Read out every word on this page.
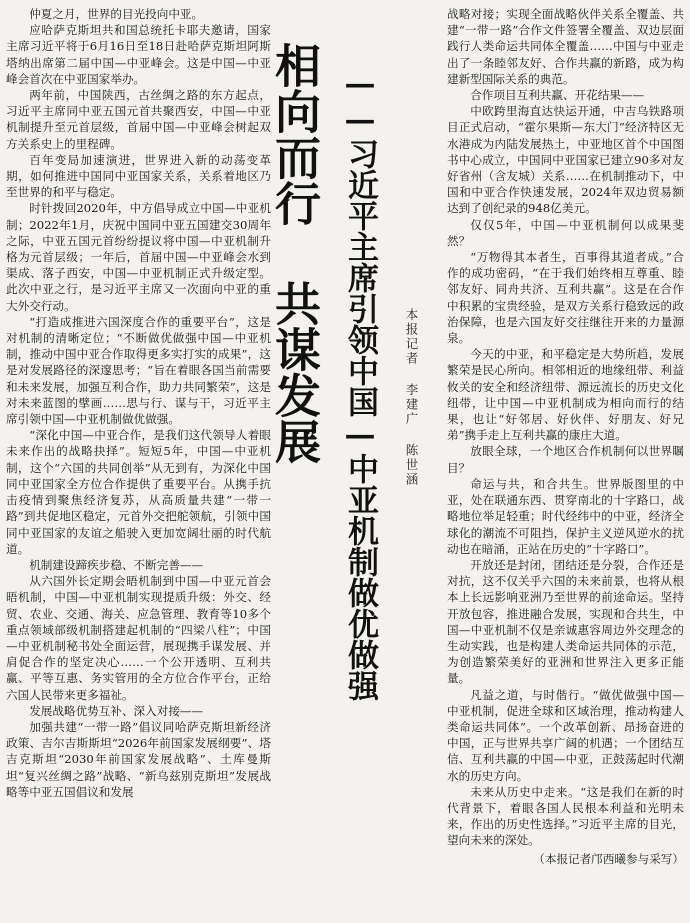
仲夏之月，世界的目光投向中亚。

应哈萨克斯坦共和国总统托卡耶夫邀请，国家主席习近平将于6月16日至18日赴哈萨克斯坦阿斯塔纳出席第二届中国—中亚峰会。这是中国—中亚峰会首次在中亚国家举办。

两年前，中国陕西，古丝绸之路的东方起点，习近平主席同中亚五国元首共聚西安，中国—中亚机制提升至元首层级，首届中国—中亚峰会树起双方关系史上的里程碑。

百年变局加速演进，世界进入新的动荡变革期，如何推进中国同中亚国家关系，关系着地区乃至世界的和平与稳定。

时针拨回2020年，中方倡导成立中国—中亚机制；2022年1月，庆祝中国同中亚五国建交30周年之际，中亚五国元首纷纷提议将中国—中亚机制升格为元首层级；一年后，首届中国—中亚峰会水到渠成、落子西安，中国—中亚机制正式升级定型。此次中亚之行，是习近平主席又一次面向中亚的重大外交行动。

“打造成推进六国深度合作的重要平台”，这是对机制的清晰定位；“不断做优做强中国—中亚机制，推动中国中亚合作取得更多实打实的成果”，这是对发展路径的深邃思考；“旨在着眼各国当前需要和未来发展，加强互利合作，助力共同繁荣”，这是对未来蓝图的擘画……思与行、谋与干，习近平主席引领中国—中亚机制做优做强。

“深化中国—中亚合作，是我们这代领导人着眼未来作出的战略抉择”。短短5年，中国—中亚机制，这个“六国的共同创举”从无到有，为深化中国同中亚国家全方位合作提供了重要平台。从携手抗击疫情到聚焦经济复苏，从高质量共建“一带一路”到共促地区稳定，元首外交把舵领航，引领中国同中亚国家的友谊之船驶入更加宽阔壮丽的时代航道。

机制建设蹄疾步稳、不断完善——

从六国外长定期会晤机制到中国—中亚元首会晤机制，中国—中亚机制实现提质升级：外交、经贸、农业、交通、海关、应急管理、教育等10多个重点领域部级机制搭建起机制的“四梁八柱”；中国—中亚机制秘书处全面运营，展现携手谋发展、并肩促合作的坚定决心……一个公开透明、互利共赢、平等互惠、务实管用的全方位合作平台，正给六国人民带来更多福祉。

发展战略优势互补、深入对接——

加强共建“一带一路”倡议同哈萨克斯坦新经济政策、吉尔吉斯斯坦“2026年前国家发展纲要”、塔吉克斯坦“2030年前国家发展战略”、土库曼斯坦“复兴丝绸之路”战略、“新乌兹别克斯坦”发展战略等中亚五国倡议和发展

相向而行 共谋发展 ——习近平主席引领中国—中亚机制做优做强	本报记者 李建广 陈世涵

战略对接；实现全面战略伙伴关系全覆盖、共建“一带一路”合作文件签署全覆盖、双边层面践行人类命运共同体全覆盖……中国与中亚走出了一条睦邻友好、合作共赢的新路，成为构建新型国际关系的典范。

合作项目互利共赢、开花结果——

中欧跨里海直达快运开通，中吉乌铁路项目正式启动，“霍尔果斯—东大门”经济特区无水港成为内陆发展热土，中亚地区首个中国图书中心成立，中国同中亚国家已建立90多对友好省州（含友城）关系……在机制推动下，中国和中亚合作快速发展，2024年双边贸易额达到了创纪录的948亿美元。

仅仅5年，中国—中亚机制何以成果斐然？

“万物得其本者生，百事得其道者成。”合作的成功密码，“在于我们始终相互尊重、睦邻友好、同舟共济、互利共赢”。这是在合作中积累的宝贵经验，是双方关系行稳致远的政治保障，也是六国友好交往继往开来的力量源泉。

今天的中亚，和平稳定是大势所趋，发展繁荣是民心所向。相邻相近的地缘纽带、利益攸关的安全和经济纽带、源远流长的历史文化纽带，让中国—中亚机制成为相向而行的结果，也让“好邻居、好伙伴、好朋友、好兄弟”携手走上互利共赢的康庄大道。

放眼全球，一个地区合作机制何以世界瞩目？

命运与共，和合共生。世界版图里的中亚，处在联通东西、贯穿南北的十字路口，战略地位举足轻重；时代经纬中的中亚，经济全球化的潮流不可阻挡，保护主义逆风逆水的扰动也在暗涌，正站在历史的“十字路口”。

开放还是封闭，团结还是分裂，合作还是对抗，这不仅关乎六国的未来前景，也将从根本上长远影响亚洲乃至世界的前途命运。坚持开放包容，推进融合发展，实现和合共生，中国—中亚机制不仅是亲诚惠容周边外交理念的生动实践，也是构建人类命运共同体的示范，为创造繁荣美好的亚洲和世界注入更多正能量。

凡益之道，与时偕行。“做优做强中国—中亚机制，促进全球和区域治理，推动构建人类命运共同体”。一个改革创新、昂扬奋进的中国，正与世界共享广阔的机遇；一个团结互信、互利共赢的中国—中亚，正鼓荡起时代潮水的历史方向。

未来从历史中走来。“这是我们在新的时代背景下，着眼各国人民根本利益和光明未来，作出的历史性选择。”习近平主席的目光，望向未来的深处。

（本报记者邝西曦参与采写）
